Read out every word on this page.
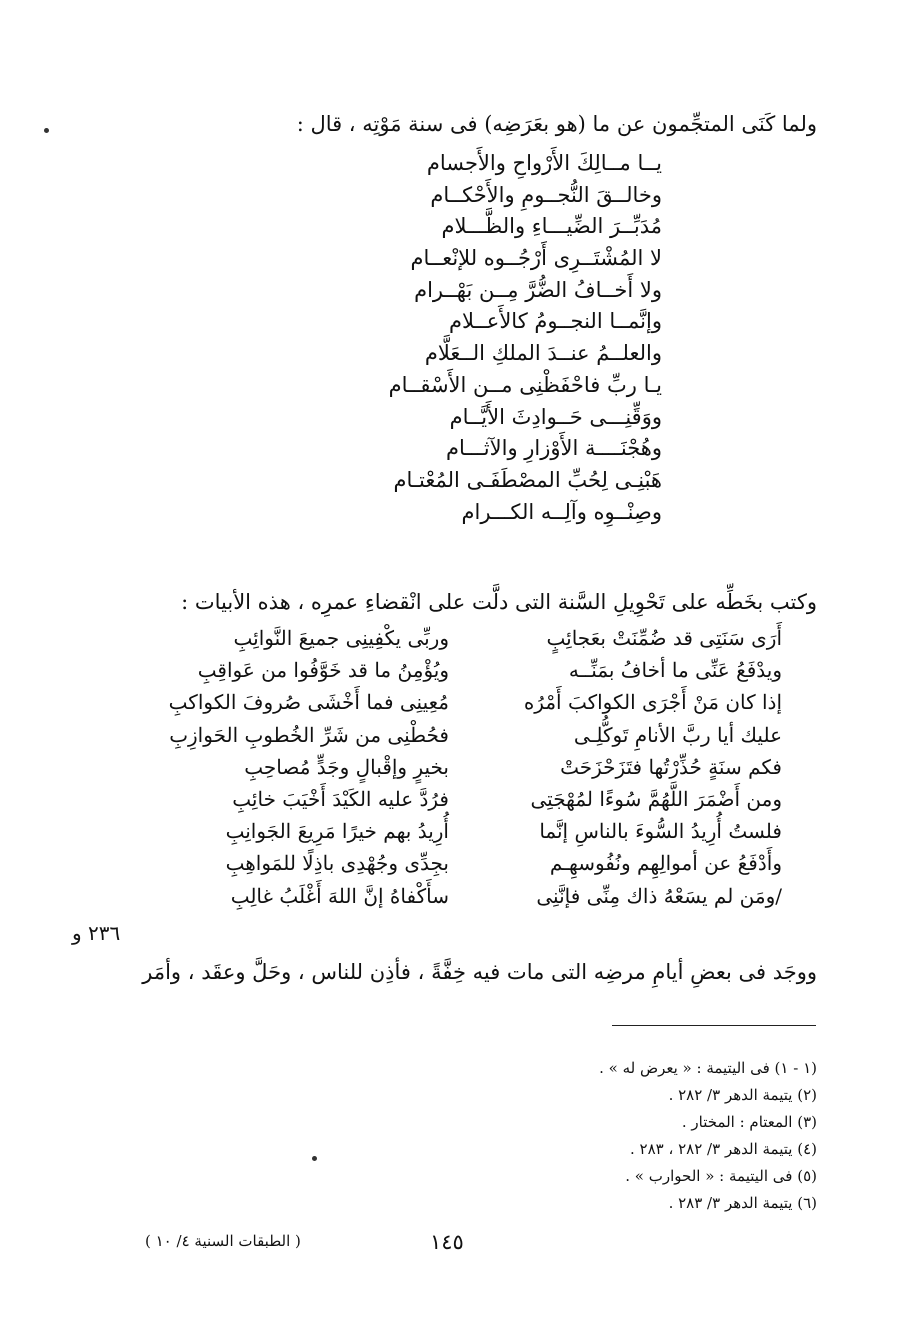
ولما كَنَى المتجِّمون عن ما (هو بعَرَضِه) فى سنة مَوْتِه ، قال :
يــا مــالِكَ الأَرْواحِ والأَجسام
وخالــقَ النُّجــومِ والأَحْكــام
مُدَبِّــرَ الضِّيـــاءِ والظَّـــلام
لا المُشْتَــرِى أَرْجُــوه للإنْعــام
ولا أَخــافُ الضُّرَّ مِــن بَهْــرام
وإنَّمــا النجــومُ كالأَعــلام
والعلــمُ عنــدَ الملكِ الــعَلَّام
يـا ربِّ فاحْفَظْنِى مــن الأَسْقــام
ووَقِّنِـــى حَــوادِثَ الأَيَّــام
وهُجْنَــــة الأَوْزارِ والآثـــام
هَبْنِـى لِحُبِّ المصْطَفَـى المُعْتـام
وصِنْــوِه وآلِــه الكـــرام
وكتب بخَطِّه على تَحْوِيلِ السَّنة التى دلَّت على انْقضاءِ عمرِه ، هذه الأبيات :
أَرَى سَنَتِى قد ضُمِّنَتْ بعَجائِبٍ
وربِّى يكْفِينِى جميعَ النَّوائِبِ
ويدْفَعُ عَنِّى ما أخافُ بمَنِّــه
ويُؤْمِنُ ما قد خَوَّفُوا من عَواقِبِ
إذا كان مَنْ أَجْرَى الكواكبَ أَمْرُه
مُعِينِى فما أَخْشَى صُروفَ الكواكبِ
عليك أيا ربَّ الأنامِ تَوكُّلِـى
فحُطْنِى من شَرِّ الخُطوبِ الحَوازِبِ
فكم سنَةٍ حُذِّرْتُها فتَزَحْزَحَتْ
بخيرٍ وإقْبالٍ وجَدٍّ مُصاحِبِ
ومن أَضْمَرَ اللَّهُمَّ سُوءًا لمُهْجَتِى
فرُدَّ عليه الكَيْدَ أَخْيَبَ خائِبِ
فلستُ أُرِيدُ السُّوءَ بالناسِ إنَّما
أُرِيدُ بهم خيرًا مَرِيعَ الجَوانِبِ
وأَدْفَعُ عن أموالِهِم ونُفُوسهِـم
بجِدِّى وجُهْدِى باذِلًا للمَواهِبِ
/ومَن لم يسَعْهُ ذاك مِنِّى فإنَّنِى
سأَكْفاهُ إنَّ اللهَ أَغْلَبُ غالِبِ
٢٣٦ و
ووجَد فى بعضِ أيامِ مرضِه التى مات فيه خِفَّةً ، فأذِن للناس ، وحَلَّ وعقَد ، وأمَر
(١ - ١) فى اليتيمة : « يعرض له » .
(٢) يتيمة الدهر ٣/ ٢٨٢ .
(٣) المعتام : المختار .
(٤) يتيمة الدهر ٣/ ٢٨٢ ، ٢٨٣ .
(٥) فى اليتيمة : « الحوارب » .
(٦) يتيمة الدهر ٣/ ٢٨٣ .
١٤٥
( الطبقات السنية ٤/ ١٠ )
